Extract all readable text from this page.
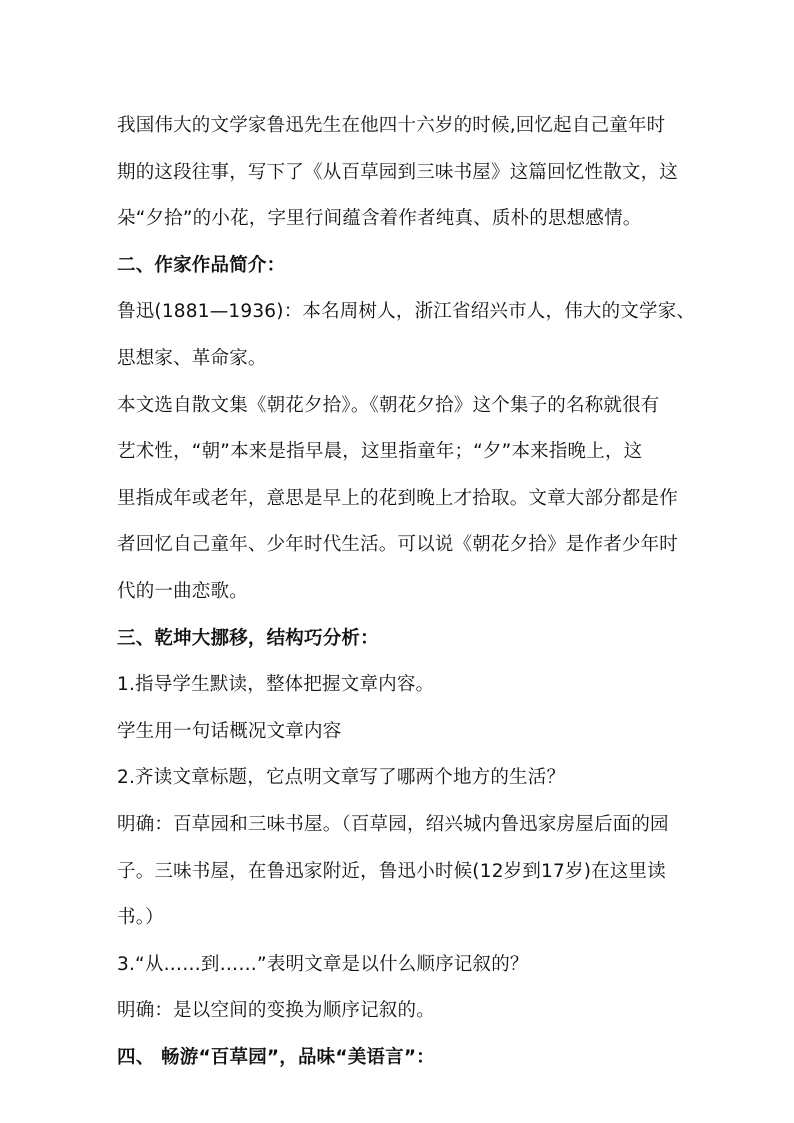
我国伟大的文学家鲁迅先生在他四十六岁的时候,回忆起自己童年时
期的这段往事，写下了《从百草园到三味书屋》这篇回忆性散文，这
朵“夕拾”的小花，字里行间蕴含着作者纯真、质朴的思想感情。
二、作家作品简介：
鲁迅(1881—1936)：本名周树人，浙江省绍兴市人，伟大的文学家、
思想家、革命家。
本文选自散文集《朝花夕拾》。《朝花夕拾》这个集子的名称就很有
艺术性，“朝”本来是指早晨，这里指童年；“夕”本来指晚上，这
里指成年或老年，意思是早上的花到晚上才拾取。文章大部分都是作
者回忆自己童年、少年时代生活。可以说《朝花夕拾》是作者少年时
代的一曲恋歌。
三、乾坤大挪移，结构巧分析：
1.指导学生默读，整体把握文章内容。
学生用一句话概况文章内容
2.齐读文章标题，它点明文章写了哪两个地方的生活？
明确：百草园和三味书屋。（百草园，绍兴城内鲁迅家房屋后面的园
子。三味书屋，在鲁迅家附近，鲁迅小时候(12岁到17岁)在这里读
书。）
3.“从……到……”表明文章是以什么顺序记叙的？
明确：是以空间的变换为顺序记叙的。
四、 畅游“百草园”，品味“美语言”：
